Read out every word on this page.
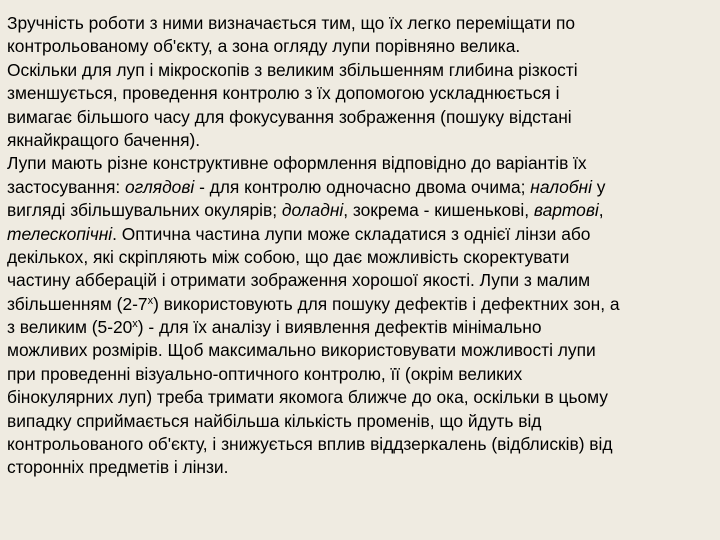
Зручність роботи з ними визначається тим, що їх легко переміщати по
контрольованому об'єкту, а зона огляду лупи порівняно велика.
Оскільки для луп і мікроскопів з великим збільшенням глибина різкості
зменшується, проведення контролю з їх допомогою ускладнюється і
вимагає більшого часу для фокусування зображення (пошуку відстані
якнайкращого бачення).
Лупи мають різне конструктивне оформлення відповідно до варіантів їх
застосування: оглядові - для контролю одночасно двома очима; налобні у
вигляді збільшувальних окулярів; доладні, зокрема - кишенькові, вартові,
телескопічні. Оптична частина лупи може складатися з однієї лінзи або
декількох, які скріпляють між собою, що дає можливість скоректувати
частину абберацій і отримати зображення хорошої якості. Лупи з малим
збільшенням $(2-7^х)$ використовують для пошуку дефектів і дефектних зон, а
з великим $(5-20^х)$ - для їх аналізу і виявлення дефектів мінімально
можливих розмірів. Щоб максимально використовувати можливості лупи
при проведенні візуально-оптичного контролю, її (окрім великих
бінокулярних луп) треба тримати якомога ближче до ока, оскільки в цьому
випадку сприймається найбільша кількість променів, що йдуть від
контрольованого об'єкту, і знижується вплив віддзеркалень (відблисків) від
сторонніх предметів і лінзи.
